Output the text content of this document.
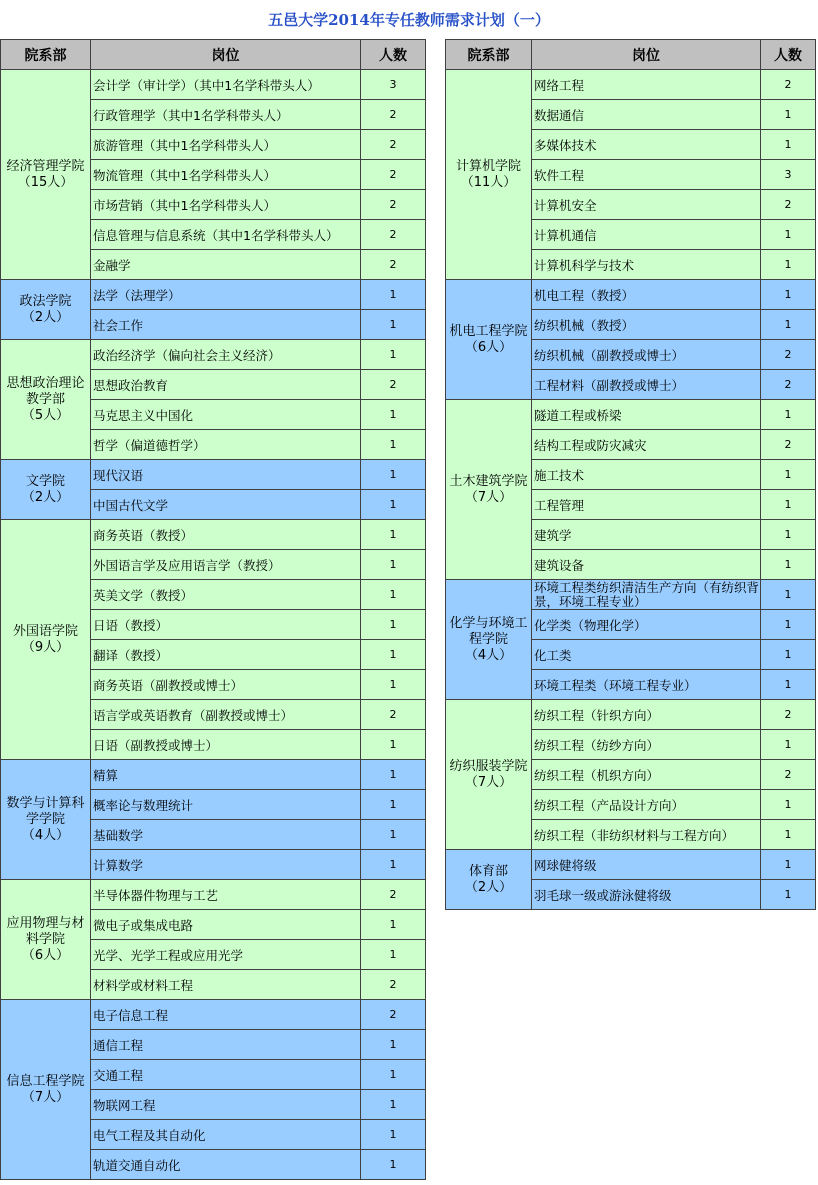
五邑大学2014年专任教师需求计划（一）
院系部	岗位	人数

经济管理学院
（15人）	会计学（审计学）（其中1名学科带头人）	3
	行政管理学（其中1名学科带头人）	2
	旅游管理（其中1名学科带头人）	2
	物流管理（其中1名学科带头人）	2
	市场营销（其中1名学科带头人）	2
	信息管理与信息系统（其中1名学科带头人）	2
	金融学	2

政法学院
（2人）	法学（法理学）	1
	社会工作	1

思想政治理论教学部
（5人）	政治经济学（偏向社会主义经济）	1
	思想政治教育	2
	马克思主义中国化	1
	哲学（偏道德哲学）	1

文学院
（2人）	现代汉语	1
	中国古代文学	1

外国语学院
（9人）	商务英语（教授）	1
	外国语言学及应用语言学（教授）	1
	英美文学（教授）	1
	日语（教授）	1
	翻译（教授）	1
	商务英语（副教授或博士）	1
	语言学或英语教育（副教授或博士）	2
	日语（副教授或博士）	1

数学与计算科学学院
（4人）	精算	1
	概率论与数理统计	1
	基础数学	1
	计算数学	1

应用物理与材料学院
（6人）	半导体器件物理与工艺	2
	微电子或集成电路	1
	光学、光学工程或应用光学	1
	材料学或材料工程	2

信息工程学院
（7人）	电子信息工程	2
	通信工程	1
	交通工程	1
	物联网工程	1
	电气工程及其自动化	1
	轨道交通自动化	1
院系部	岗位	人数

计算机学院
（11人）	网络工程	2
	数据通信	1
	多媒体技术	1
	软件工程	3
	计算机安全	2
	计算机通信	1
	计算机科学与技术	1

机电工程学院
（6人）	机电工程（教授）	1
	纺织机械（教授）	1
	纺织机械（副教授或博士）	2
	工程材料（副教授或博士）	2

土木建筑学院
（7人）	隧道工程或桥梁	1
	结构工程或防灾减灾	2
	施工技术	1
	工程管理	1
	建筑学	1
	建筑设备	1

化学与环境工程学院
（4人）	环境工程类纺织清洁生产方向（有纺织背景，环境工程专业）	1
	化学类（物理化学）	1
	化工类	1
	环境工程类（环境工程专业）	1

纺织服装学院
（7人）	纺织工程（针织方向）	2
	纺织工程（纺纱方向）	1
	纺织工程（机织方向）	2
	纺织工程（产品设计方向）	1
	纺织工程（非纺织材料与工程方向）	1

体育部
（2人）	网球健将级	1
	羽毛球一级或游泳健将级	1
